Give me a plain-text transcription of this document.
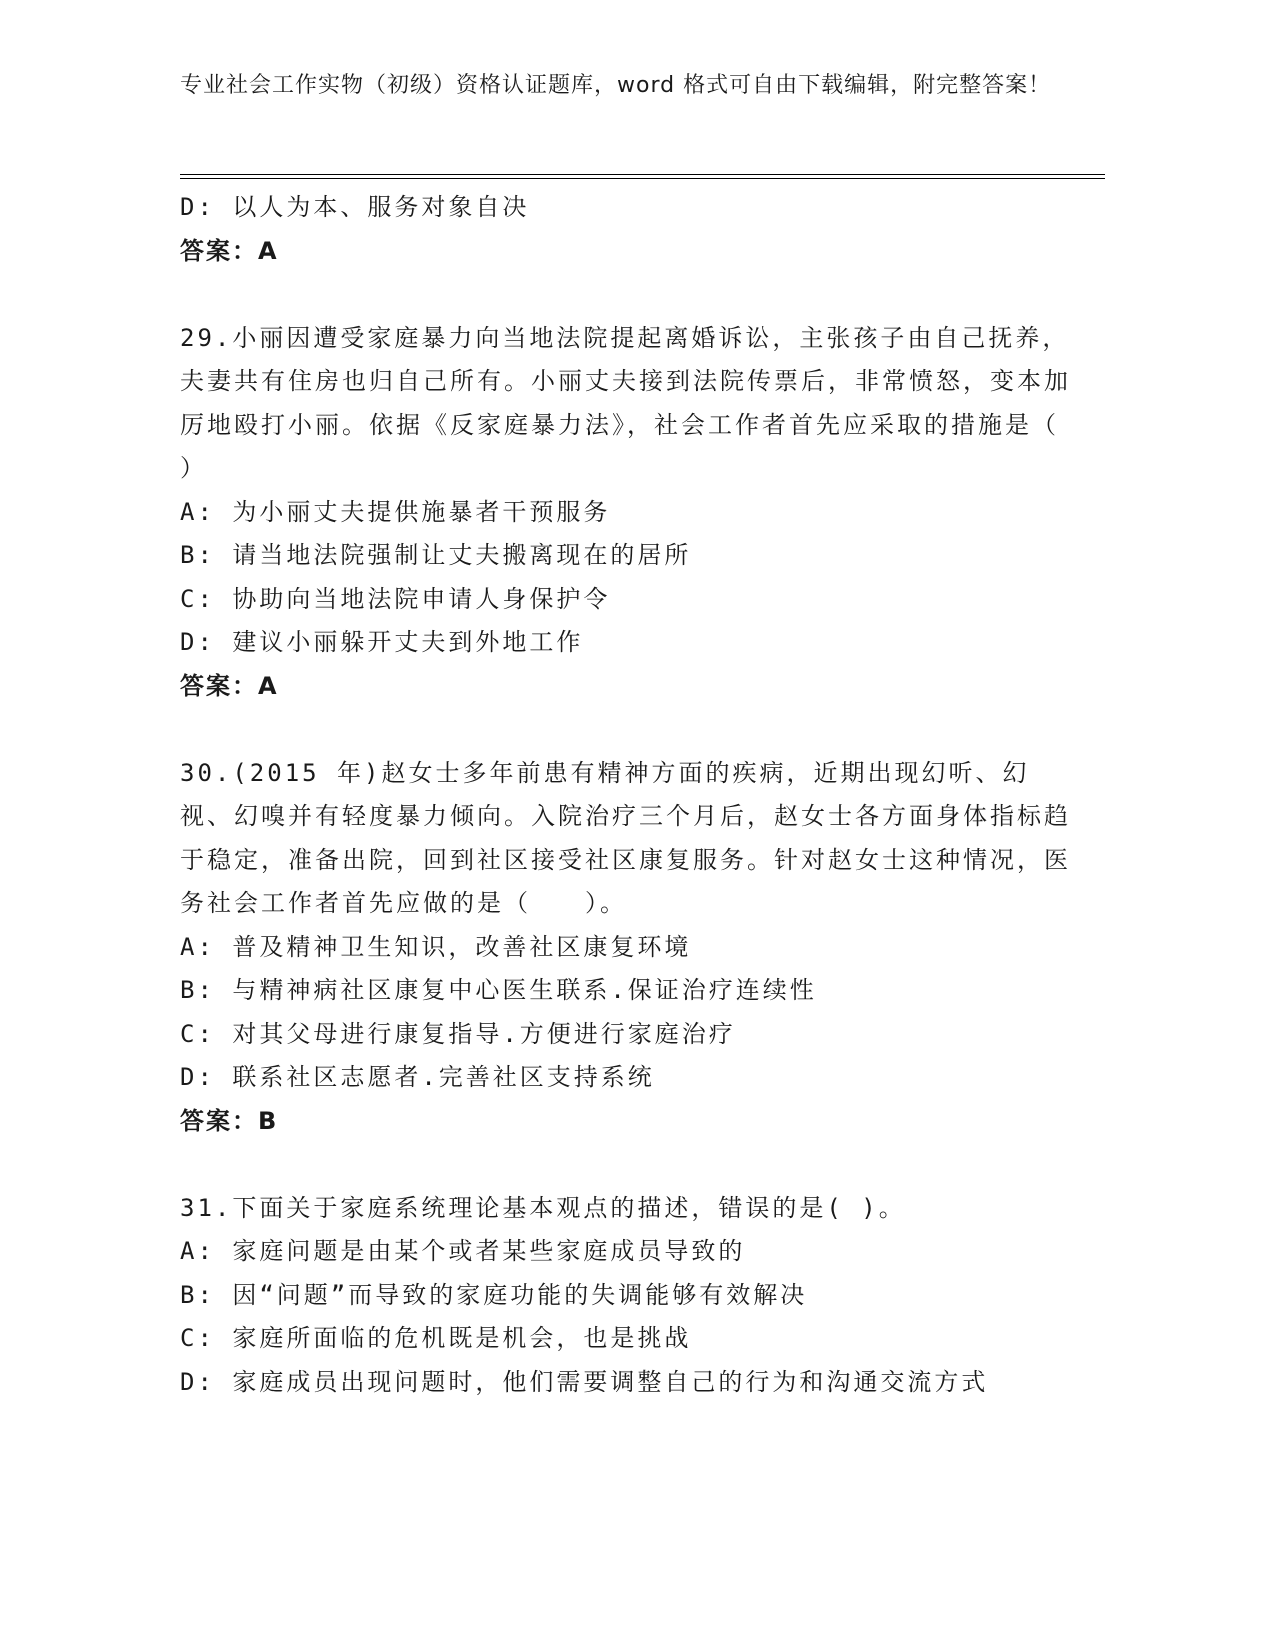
专业社会工作实物（初级）资格认证题库，word 格式可自由下载编辑，附完整答案！
D: 以人为本、服务对象自决
答案：A
29.小丽因遭受家庭暴力向当地法院提起离婚诉讼，主张孩子由自己抚养，夫妻共有住房也归自己所有。小丽丈夫接到法院传票后，非常愤怒，变本加厉地殴打小丽。依据《反家庭暴力法》，社会工作者首先应采取的措施是（ ）
A: 为小丽丈夫提供施暴者干预服务
B: 请当地法院强制让丈夫搬离现在的居所
C: 协助向当地法院申请人身保护令
D: 建议小丽躲开丈夫到外地工作
答案：A
30.(2015 年)赵女士多年前患有精神方面的疾病，近期出现幻听、幻视、幻嗅并有轻度暴力倾向。入院治疗三个月后，赵女士各方面身体指标趋于稳定，准备出院，回到社区接受社区康复服务。针对赵女士这种情况，医务社会工作者首先应做的是（　　）。
A: 普及精神卫生知识，改善社区康复环境
B: 与精神病社区康复中心医生联系.保证治疗连续性
C: 对其父母进行康复指导.方便进行家庭治疗
D: 联系社区志愿者.完善社区支持系统
答案：B
31.下面关于家庭系统理论基本观点的描述，错误的是( )。
A: 家庭问题是由某个或者某些家庭成员导致的
B: 因“问题”而导致的家庭功能的失调能够有效解决
C: 家庭所面临的危机既是机会，也是挑战
D: 家庭成员出现问题时，他们需要调整自己的行为和沟通交流方式
